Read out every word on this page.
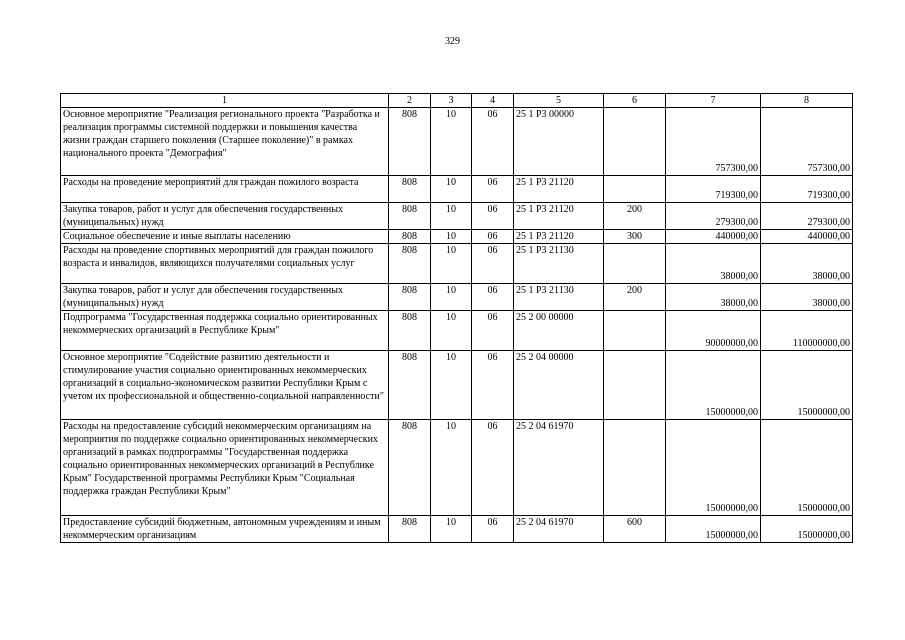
329
1	2	3	4	5	6	7	8
Основное мероприятие "Реализация регионального проекта "Разработка и реализация программы системной поддержки и повышения качества жизни граждан старшего поколения (Старшее поколение)" в рамках национального проекта "Демография"	808	10	06	25 1 P3 00000		757300,00	757300,00
Расходы на проведение мероприятий для граждан пожилого возраста	808	10	06	25 1 P3 21120		719300,00	719300,00
Закупка товаров, работ и услуг для обеспечения государственных (муниципальных) нужд	808	10	06	25 1 P3 21120	200	279300,00	279300,00
Социальное обеспечение и иные выплаты населению	808	10	06	25 1 P3 21120	300	440000,00	440000,00
Расходы на проведение спортивных мероприятий для граждан пожилого возраста и инвалидов, являющихся получателями социальных услуг	808	10	06	25 1 P3 21130		38000,00	38000,00
Закупка товаров, работ и услуг для обеспечения государственных (муниципальных) нужд	808	10	06	25 1 P3 21130	200	38000,00	38000,00
Подпрограмма "Государственная поддержка социально ориентированных некоммерческих организаций в Республике Крым"	808	10	06	25 2 00 00000		90000000,00	110000000,00
Основное мероприятие "Содействие развитию деятельности и стимулирование участия социально ориентированных некоммерческих организаций в социально-экономическом развитии Республики Крым с учетом их профессиональной и общественно-социальной направленности"	808	10	06	25 2 04 00000		15000000,00	15000000,00
Расходы на предоставление субсидий некоммерческим организациям на мероприятия по поддержке социально ориентированных некоммерческих организаций в рамках подпрограммы "Государственная поддержка социально ориентированных некоммерческих организаций в Республике Крым" Государственной программы Республики Крым "Социальная поддержка граждан Республики Крым"	808	10	06	25 2 04 61970		15000000,00	15000000,00
Предоставление субсидий бюджетным, автономным учреждениям и иным некоммерческим организациям	808	10	06	25 2 04 61970	600	15000000,00	15000000,00
